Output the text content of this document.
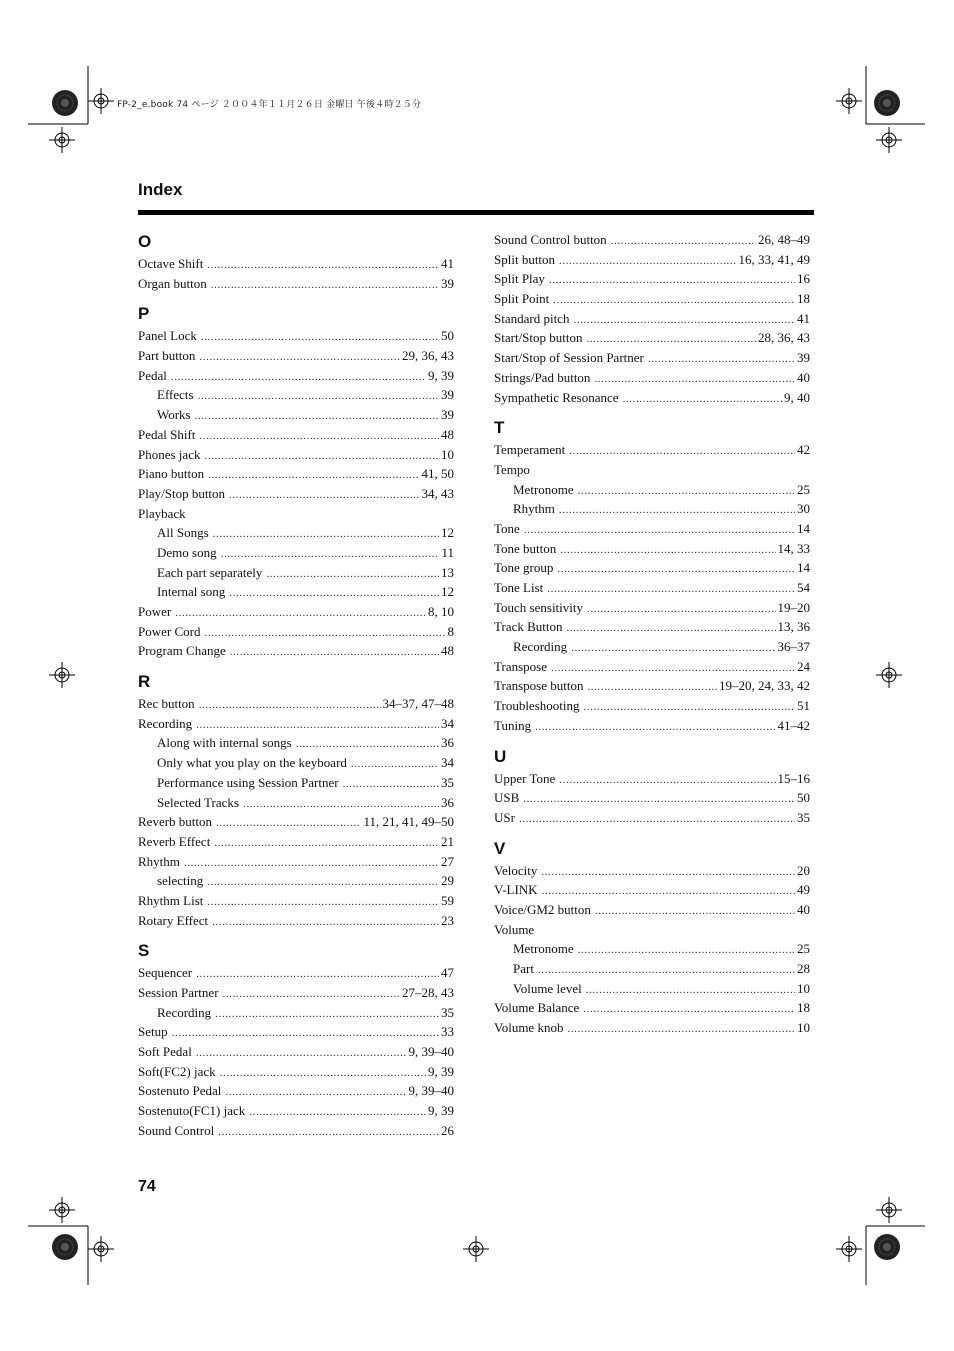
FP-2_e.book 74 ページ ２００４年１１月２６日 金曜日 午後４時２５分
Index
O
Octave Shift .....	41
Organ button .....	39
P
Panel Lock .....	50
Part button .....	29, 36, 43
Pedal .....	9, 39
Effects .....	39
Works .....	39
Pedal Shift .....	48
Phones jack .....	10
Piano button .....	41, 50
Play/Stop button .....	34, 43
Playback
All Songs .....	12
Demo song .....	11
Each part separately .....	13
Internal song .....	12
Power .....	8, 10
Power Cord .....	8
Program Change .....	48
R
Rec button .....	34–37, 47–48
Recording .....	34
Along with internal songs .....	36
Only what you play on the keyboard .....	34
Performance using Session Partner .....	35
Selected Tracks .....	36
Reverb button .....	11, 21, 41, 49–50
Reverb Effect .....	21
Rhythm .....	27
selecting .....	29
Rhythm List .....	59
Rotary Effect .....	23
S
Sequencer .....	47
Session Partner .....	27–28, 43
Recording .....	35
Setup .....	33
Soft Pedal .....	9, 39–40
Soft(FC2) jack .....	9, 39
Sostenuto Pedal .....	9, 39–40
Sostenuto(FC1) jack .....	9, 39
Sound Control .....	26
Sound Control button .....	26, 48–49
Split button .....	16, 33, 41, 49
Split Play .....	16
Split Point .....	18
Standard pitch .....	41
Start/Stop button .....	28, 36, 43
Start/Stop of Session Partner .....	39
Strings/Pad button .....	40
Sympathetic Resonance .....	9, 40
T
Temperament .....	42
Tempo
Metronome .....	25
Rhythm .....	30
Tone .....	14
Tone button .....	14, 33
Tone group .....	14
Tone List .....	54
Touch sensitivity .....	19–20
Track Button .....	13, 36
Recording .....	36–37
Transpose .....	24
Transpose button .....	19–20, 24, 33, 42
Troubleshooting .....	51
Tuning .....	41–42
U
Upper Tone .....	15–16
USB .....	50
USr .....	35
V
Velocity .....	20
V-LINK .....	49
Voice/GM2 button .....	40
Volume
Metronome .....	25
Part .....	28
Volume level .....	10
Volume Balance .....	18
Volume knob .....	10
74
